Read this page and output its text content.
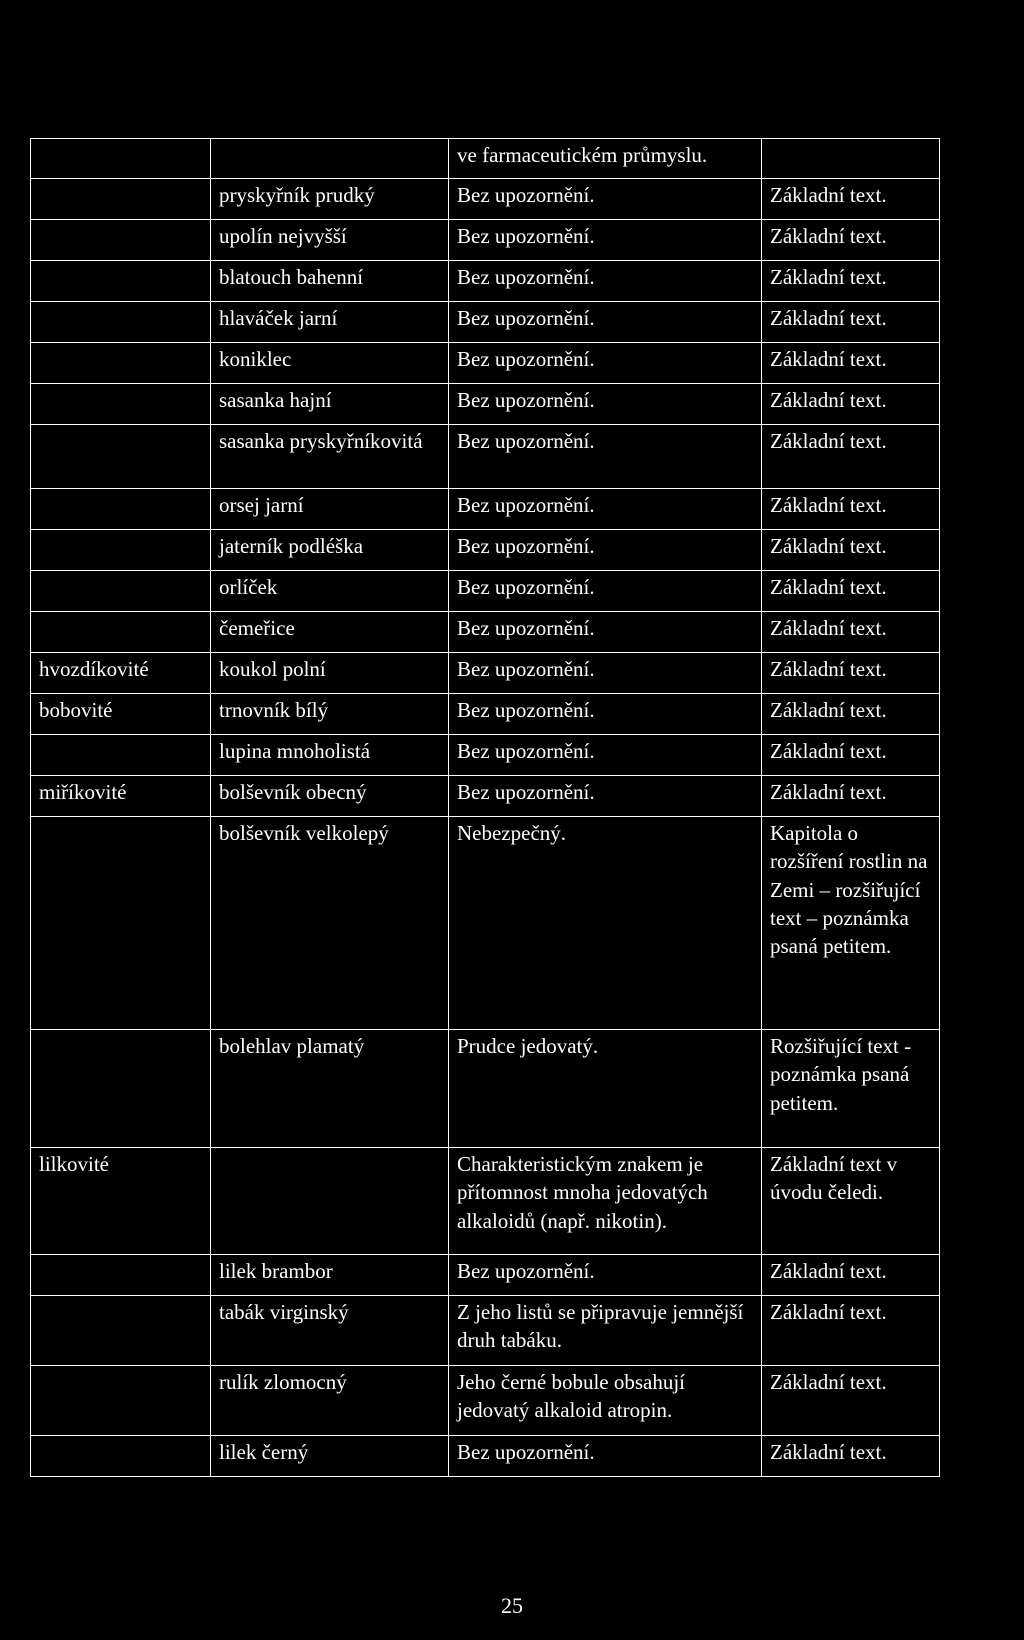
		ve farmaceutickém průmyslu.	
	pryskyřník prudký	Bez upozornění.	Základní text.
	upolín nejvyšší	Bez upozornění.	Základní text.
	blatouch bahenní	Bez upozornění.	Základní text.
	hlaváček jarní	Bez upozornění.	Základní text.
	koniklec	Bez upozornění.	Základní text.
	sasanka hajní	Bez upozornění.	Základní text.
	sasanka pryskyřníkovitá	Bez upozornění.	Základní text.
	orsej jarní	Bez upozornění.	Základní text.
	jaterník podléška	Bez upozornění.	Základní text.
	orlíček	Bez upozornění.	Základní text.
	čemeřice	Bez upozornění.	Základní text.
hvozdíkovité	koukol polní	Bez upozornění.	Základní text.
bobovité	trnovník bílý	Bez upozornění.	Základní text.
	lupina mnoholistá	Bez upozornění.	Základní text.
miříkovité	bolševník obecný	Bez upozornění.	Základní text.
	bolševník velkolepý	Nebezpečný.	Kapitola o rozšíření rostlin na Zemi – rozšiřující text – poznámka psaná petitem.
	bolehlav plamatý	Prudce jedovatý.	Rozšiřující text - poznámka psaná petitem.
lilkovité		Charakteristickým znakem je přítomnost mnoha jedovatých alkaloidů (např. nikotin).	Základní text v úvodu čeledi.
	lilek brambor	Bez upozornění.	Základní text.
	tabák virginský	Z jeho listů se připravuje jemnější druh tabáku.	Základní text.
	rulík zlomocný	Jeho černé bobule obsahují jedovatý alkaloid atropin.	Základní text.
	lilek černý	Bez upozornění.	Základní text.
25
